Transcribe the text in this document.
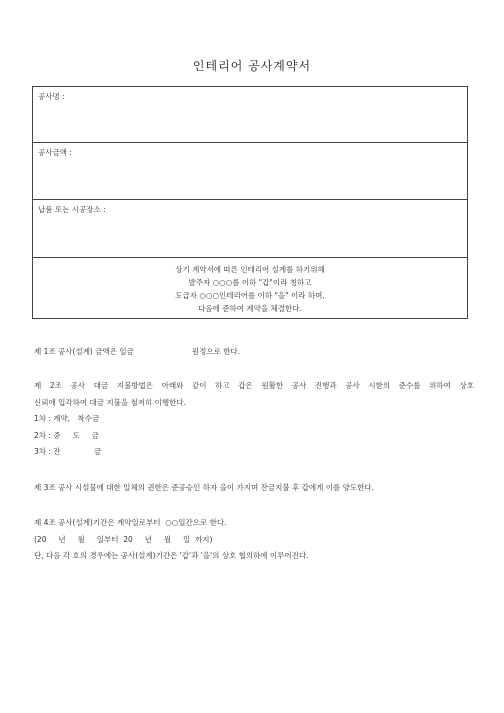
인테리어 공사계약서
공사명 :
공사금액 :
납품 또는 시공장소 :
상기 계약서에 따른 인테리어 설계를 하기위해
발주자 ○○○를 이하 "갑"이라 칭하고
도급자 ○○○인테리어를 이하 "을" 이라 하며,
다음에 준하여 계약을 체결한다.

제 1조 공사(설계) 금액은 일금	원정으로 한다.

제 2조 공사 대금 지불방법은 아래와 같이 하고 갑은 원활한 공사 진행과 공사 시한의 준수를 위하여 상호

신뢰에 입각하여 대금 지불을 철저히 이행한다.

1차 : 계약,   착수금

2차 : 중     도     금

3차 : 잔              금

제 3조 공사 시설물에 대한 일체의 권한은 준공승인 하자 을이 가지며 잔금지불 후 갑에게 이를 양도한다.

제 4조 공사(설계)기간은 계약일로부터  ○○일간으로 한다.

(20     년     월     일부터  20     년     월     일  까지)

단, 다음 각 호의 경우에는 공사(설계)기간은 '갑'과 '을'의 상호 협의하에 이루어진다.
